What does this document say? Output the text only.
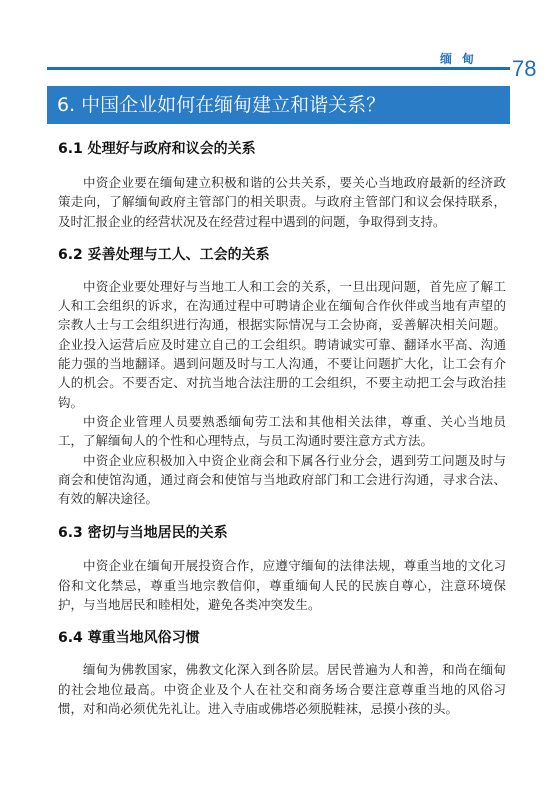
缅甸	78
6. 中国企业如何在缅甸建立和谐关系？
6.1 处理好与政府和议会的关系

中资企业要在缅甸建立积极和谐的公共关系，要关心当地政府最新的经济政策走向，了解缅甸政府主管部门的相关职责。与政府主管部门和议会保持联系，及时汇报企业的经营状况及在经营过程中遇到的问题，争取得到支持。

6.2 妥善处理与工人、工会的关系

中资企业要处理好与当地工人和工会的关系，一旦出现问题，首先应了解工人和工会组织的诉求，在沟通过程中可聘请企业在缅甸合作伙伴或当地有声望的宗教人士与工会组织进行沟通，根据实际情况与工会协商，妥善解决相关问题。企业投入运营后应及时建立自己的工会组织。聘请诚实可靠、翻译水平高、沟通能力强的当地翻译。遇到问题及时与工人沟通，不要让问题扩大化，让工会有介人的机会。不要否定、对抗当地合法注册的工会组织，不要主动把工会与政治挂钩。

中资企业管理人员要熟悉缅甸劳工法和其他相关法律，尊重、关心当地员工，了解缅甸人的个性和心理特点，与员工沟通时要注意方式方法。

中资企业应积极加入中资企业商会和下属各行业分会，遇到劳工问题及时与商会和使馆沟通，通过商会和使馆与当地政府部门和工会进行沟通，寻求合法、有效的解决途径。

6.3 密切与当地居民的关系

中资企业在缅甸开展投资合作，应遵守缅甸的法律法规，尊重当地的文化习俗和文化禁忌，尊重当地宗教信仰，尊重缅甸人民的民族自尊心，注意环境保护，与当地居民和睦相处，避免各类冲突发生。

6.4 尊重当地风俗习惯

缅甸为佛教国家，佛教文化深入到各阶层。居民普遍为人和善，和尚在缅甸的社会地位最高。中资企业及个人在社交和商务场合要注意尊重当地的风俗习惯，对和尚必须优先礼让。进入寺庙或佛塔必须脱鞋袜，忌摸小孩的头。
